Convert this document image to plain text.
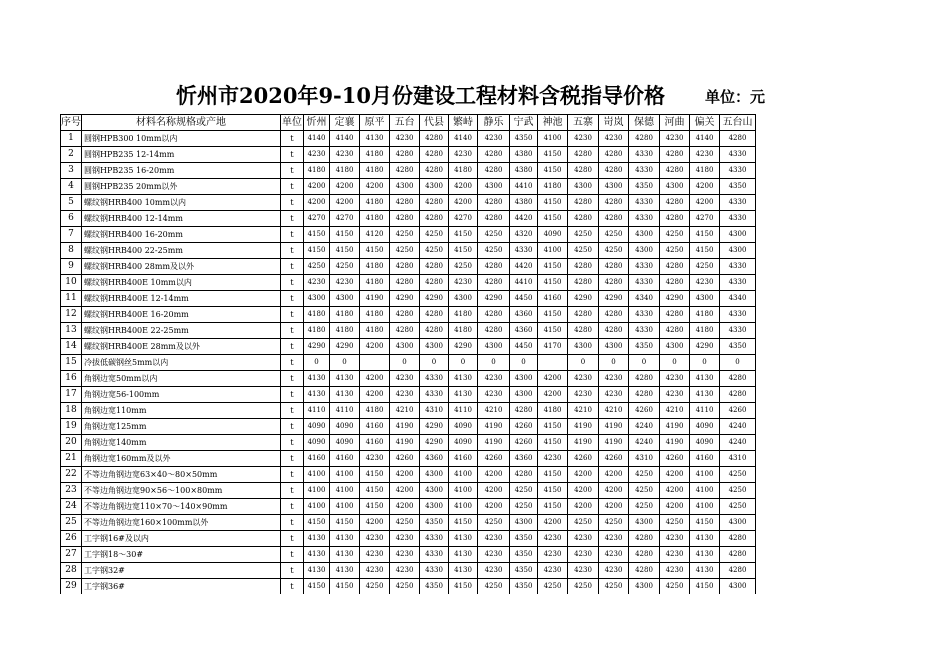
忻州市2020年9-10月份建设工程材料含税指导价格	单位：元
序号	材料名称规格或产地	单位	忻州	定襄	原平	五台	代县	繁峙	静乐	宁武	神池	五寨	岢岚	保德	河曲	偏关	五台山
1	圆钢HPB300 10mm以内	t	4140	4140	4130	4230	4280	4140	4230	4350	4100	4230	4230	4280	4230	4140	4280
2	圆钢HPB235 12-14mm	t	4230	4230	4180	4280	4280	4230	4280	4380	4150	4280	4280	4330	4280	4230	4330
3	圆钢HPB235 16-20mm	t	4180	4180	4180	4280	4280	4180	4280	4380	4150	4280	4280	4330	4280	4180	4330
4	圆钢HPB235 20mm以外	t	4200	4200	4200	4300	4300	4200	4300	4410	4180	4300	4300	4350	4300	4200	4350
5	螺纹钢HRB400 10mm以内	t	4200	4200	4180	4280	4280	4200	4280	4380	4150	4280	4280	4330	4280	4200	4330
6	螺纹钢HRB400 12-14mm	t	4270	4270	4180	4280	4280	4270	4280	4420	4150	4280	4280	4330	4280	4270	4330
7	螺纹钢HRB400 16-20mm	t	4150	4150	4120	4250	4250	4150	4250	4320	4090	4250	4250	4300	4250	4150	4300
8	螺纹钢HRB400 22-25mm	t	4150	4150	4150	4250	4250	4150	4250	4330	4100	4250	4250	4300	4250	4150	4300
9	螺纹钢HRB400 28mm及以外	t	4250	4250	4180	4280	4280	4250	4280	4420	4150	4280	4280	4330	4280	4250	4330
10	螺纹钢HRB400E 10mm以内	t	4230	4230	4180	4280	4280	4230	4280	4410	4150	4280	4280	4330	4280	4230	4330
11	螺纹钢HRB400E 12-14mm	t	4300	4300	4190	4290	4290	4300	4290	4450	4160	4290	4290	4340	4290	4300	4340
12	螺纹钢HRB400E 16-20mm	t	4180	4180	4180	4280	4280	4180	4280	4360	4150	4280	4280	4330	4280	4180	4330
13	螺纹钢HRB400E 22-25mm	t	4180	4180	4180	4280	4280	4180	4280	4360	4150	4280	4280	4330	4280	4180	4330
14	螺纹钢HRB400E 28mm及以外	t	4290	4290	4200	4300	4300	4290	4300	4450	4170	4300	4300	4350	4300	4290	4350
15	冷拔低碳钢丝5mm以内	t	0	0		0	0	0	0	0		0	0	0	0	0	0
16	角钢边宽50mm以内	t	4130	4130	4200	4230	4330	4130	4230	4300	4200	4230	4230	4280	4230	4130	4280
17	角钢边宽56-100mm	t	4130	4130	4200	4230	4330	4130	4230	4300	4200	4230	4230	4280	4230	4130	4280
18	角钢边宽110mm	t	4110	4110	4180	4210	4310	4110	4210	4280	4180	4210	4210	4260	4210	4110	4260
19	角钢边宽125mm	t	4090	4090	4160	4190	4290	4090	4190	4260	4150	4190	4190	4240	4190	4090	4240
20	角钢边宽140mm	t	4090	4090	4160	4190	4290	4090	4190	4260	4150	4190	4190	4240	4190	4090	4240
21	角钢边宽160mm及以外	t	4160	4160	4230	4260	4360	4160	4260	4360	4230	4260	4260	4310	4260	4160	4310
22	不等边角钢边宽63×40～80×50mm	t	4100	4100	4150	4200	4300	4100	4200	4280	4150	4200	4200	4250	4200	4100	4250
23	不等边角钢边宽90×56～100×80mm	t	4100	4100	4150	4200	4300	4100	4200	4250	4150	4200	4200	4250	4200	4100	4250
24	不等边角钢边宽110×70～140×90mm	t	4100	4100	4150	4200	4300	4100	4200	4250	4150	4200	4200	4250	4200	4100	4250
25	不等边角钢边宽160×100mm以外	t	4150	4150	4200	4250	4350	4150	4250	4300	4200	4250	4250	4300	4250	4150	4300
26	工字钢16#及以内	t	4130	4130	4230	4230	4330	4130	4230	4350	4230	4230	4230	4280	4230	4130	4280
27	工字钢18～30#	t	4130	4130	4230	4230	4330	4130	4230	4350	4230	4230	4230	4280	4230	4130	4280
28	工字钢32#	t	4130	4130	4230	4230	4330	4130	4230	4350	4230	4230	4230	4280	4230	4130	4280
29	工字钢36#	t	4150	4150	4250	4250	4350	4150	4250	4350	4250	4250	4250	4300	4250	4150	4300
